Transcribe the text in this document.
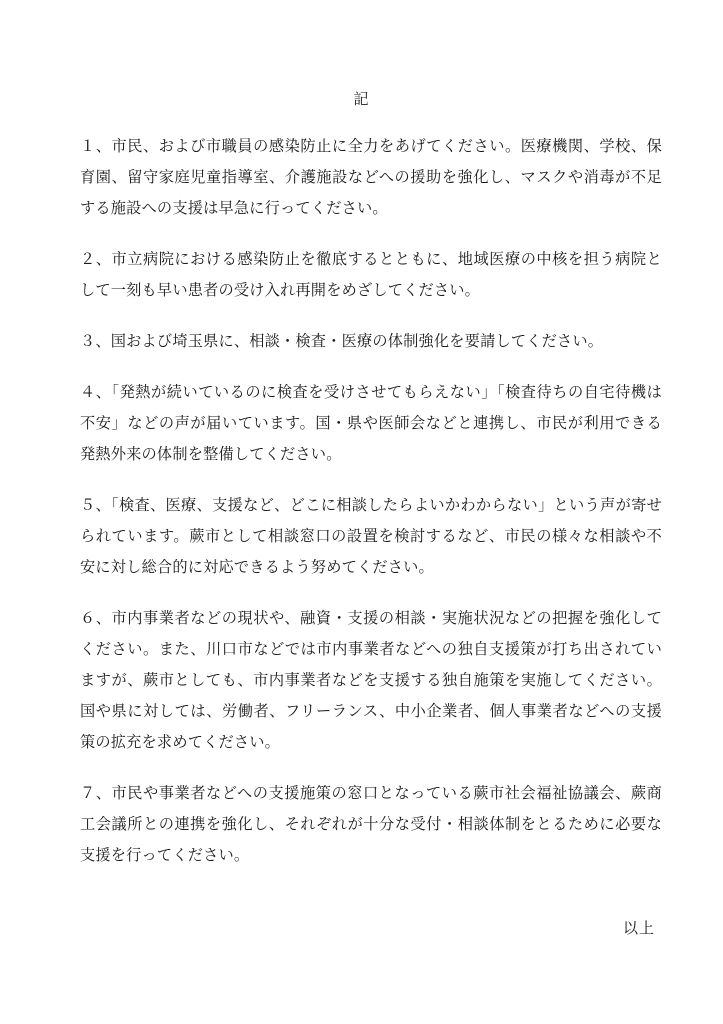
記

１、市民、および市職員の感染防止に全力をあげてください。医療機関、学校、保育園、留守家庭児童指導室、介護施設などへの援助を強化し、マスクや消毒が不足する施設への支援は早急に行ってください。

２、市立病院における感染防止を徹底するとともに、地域医療の中核を担う病院として一刻も早い患者の受け入れ再開をめざしてください。

３、国および埼玉県に、相談・検査・医療の体制強化を要請してください。

４、「発熱が続いているのに検査を受けさせてもらえない」「検査待ちの自宅待機は不安」などの声が届いています。国・県や医師会などと連携し、市民が利用できる発熱外来の体制を整備してください。

５、「検査、医療、支援など、どこに相談したらよいかわからない」という声が寄せられています。蕨市として相談窓口の設置を検討するなど、市民の様々な相談や不安に対し総合的に対応できるよう努めてください。

６、市内事業者などの現状や、融資・支援の相談・実施状況などの把握を強化してください。また、川口市などでは市内事業者などへの独自支援策が打ち出されていますが、蕨市としても、市内事業者などを支援する独自施策を実施してください。国や県に対しては、労働者、フリーランス、中小企業者、個人事業者などへの支援策の拡充を求めてください。

７、市民や事業者などへの支援施策の窓口となっている蕨市社会福祉協議会、蕨商工会議所との連携を強化し、それぞれが十分な受付・相談体制をとるために必要な支援を行ってください。

以上
